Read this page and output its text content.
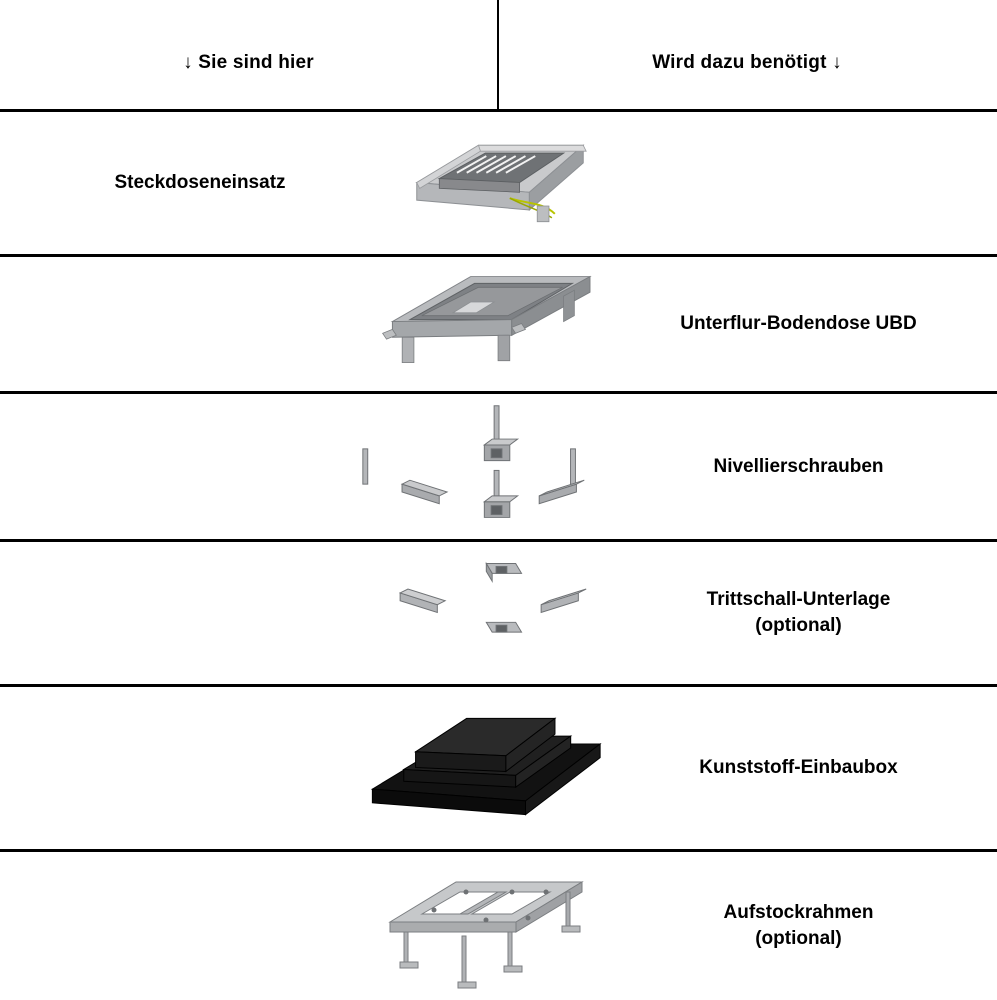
↓ Sie sind hier	Wird dazu benötigt ↓
Steckdoseneinsatz
Unterflur-Bodendose UBD
Nivellierschrauben
Trittschall-Unterlage
(optional)
Kunststoff-Einbaubox
Aufstockrahmen
(optional)
